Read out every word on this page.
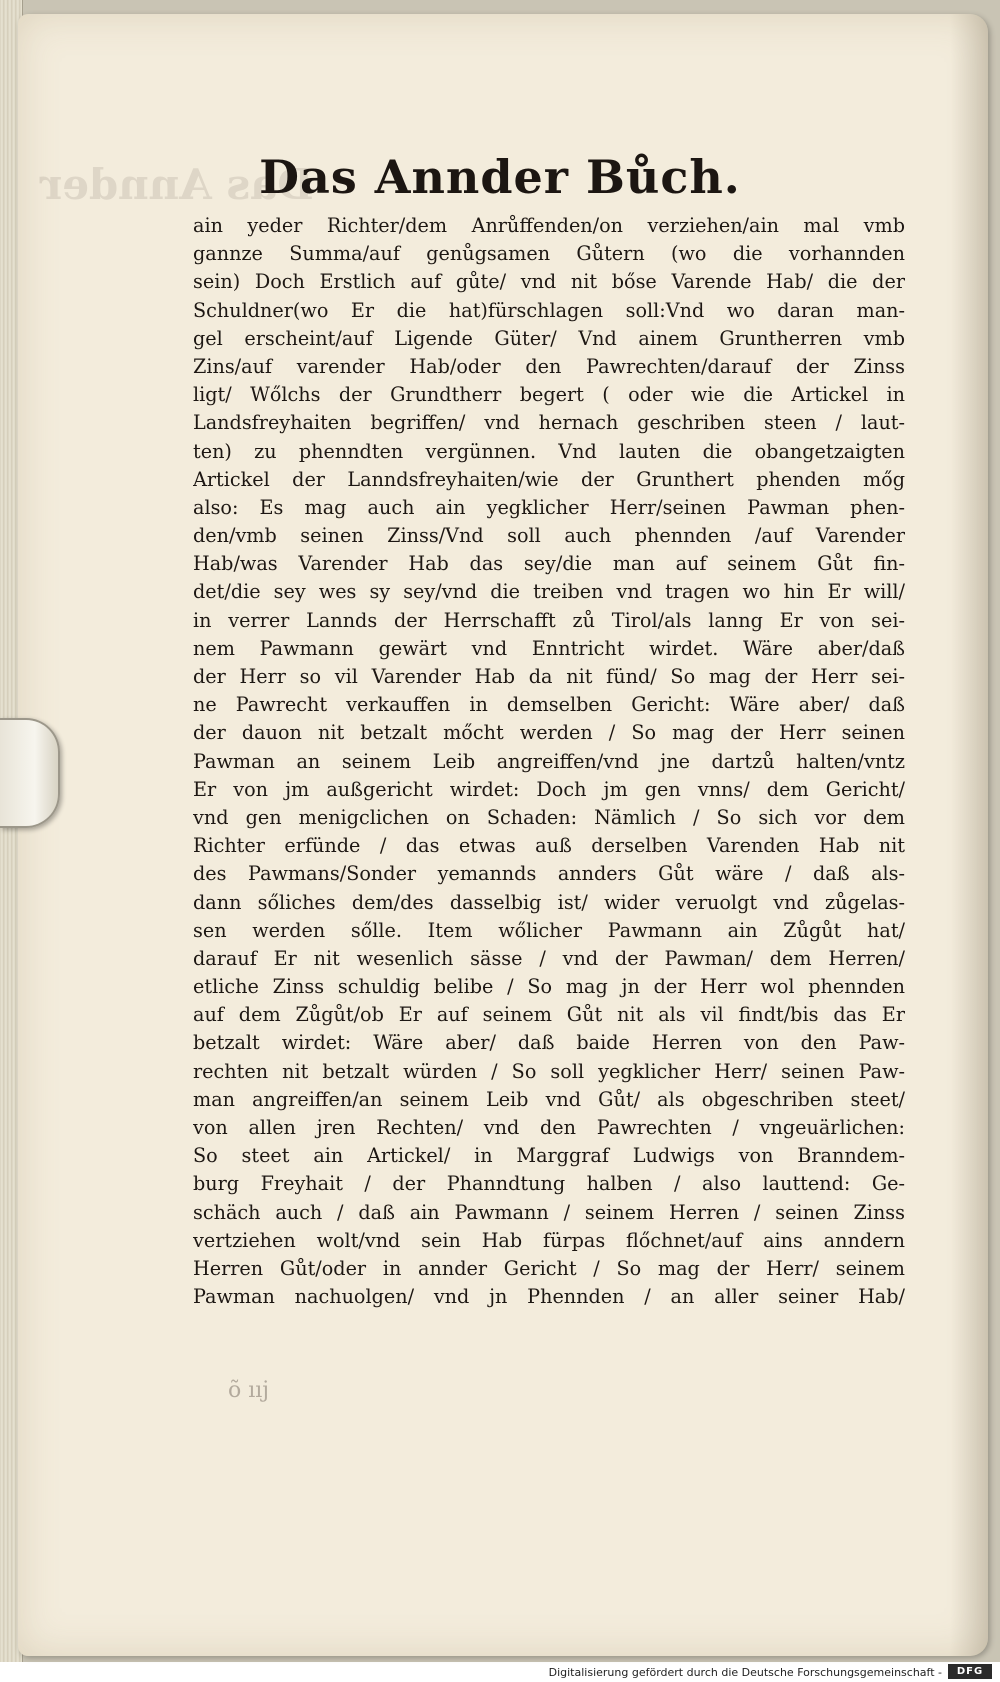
Das Annder
Das Annder Bůch.
ain yeder Richter/dem Anrůffenden/on verziehen/ain mal vmb
gannze Summa/auf genůgsamen Gůtern (wo die vorhannden
sein) Doch Erstlich auf gůte/ vnd nit bőse Varende Hab/ die der
Schuldner(wo Er die hat)fürschlagen soll:Vnd wo daran man-
gel erscheint/auf Ligende Güter/ Vnd ainem Gruntherren vmb
Zins/auf varender Hab/oder den Pawrechten/darauf der Zinss
ligt/ Wőlchs der Grundtherr begert ( oder wie die Artickel in
Landsfreyhaiten begriffen/ vnd hernach geschriben steen / laut-
ten) zu phenndten vergünnen. Vnd lauten die obangetzaigten
Artickel der Lanndsfreyhaiten/wie der Grunthert phenden mőg
also: Es mag auch ain yegklicher Herr/seinen Pawman phen-
den/vmb seinen Zinss/Vnd soll auch phennden /auf Varender
Hab/was Varender Hab das sey/die man auf seinem Gůt fin-
det/die sey wes sy sey/vnd die treiben vnd tragen wo hin Er will/
in verrer Lannds der Herrschafft zů Tirol/als lanng Er von sei-
nem Pawmann gewärt vnd Enntricht wirdet. Wäre aber/daß
der Herr so vil Varender Hab da nit fünd/ So mag der Herr sei-
ne Pawrecht verkauffen in demselben Gericht: Wäre aber/ daß
der dauon nit betzalt mőcht werden / So mag der Herr seinen
Pawman an seinem Leib angreiffen/vnd jne dartzů halten/vntz
Er von jm außgericht wirdet: Doch jm gen vnns/ dem Gericht/
vnd gen menigclichen on Schaden: Nämlich / So sich vor dem
Richter erfünde / das etwas auß derselben Varenden Hab nit
des Pawmans/Sonder yemannds annders Gůt wäre / daß als-
dann sőliches dem/des dasselbig ist/ wider veruolgt vnd zůgelas-
sen werden sőlle. Item wőlicher Pawmann ain Zůgůt hat/
darauf Er nit wesenlich sässe / vnd der Pawman/ dem Herren/
etliche Zinss schuldig belibe / So mag jn der Herr wol phennden
auf dem Zůgůt/ob Er auf seinem Gůt nit als vil findt/bis das Er
betzalt wirdet: Wäre aber/ daß baide Herren von den Paw-
rechten nit betzalt würden / So soll yegklicher Herr/ seinen Paw-
man angreiffen/an seinem Leib vnd Gůt/ als obgeschriben steet/
von allen jren Rechten/ vnd den Pawrechten / vngeuärlichen:
So steet ain Artickel/ in Marggraf Ludwigs von Branndem-
burg Freyhait / der Phanndtung halben / also lauttend: Ge-
schäch auch / daß ain Pawmann / seinem Herren / seinen Zinss
vertziehen wolt/vnd sein Hab fürpas flőchnet/auf ains anndern
Herren Gůt/oder in annder Gericht / So mag der Herr/ seinem
Pawman nachuolgen/ vnd jn Phennden / an aller seiner Hab/
õ ııj
Digitalisierung gefördert durch die Deutsche Forschungsgemeinschaft -	DFG
